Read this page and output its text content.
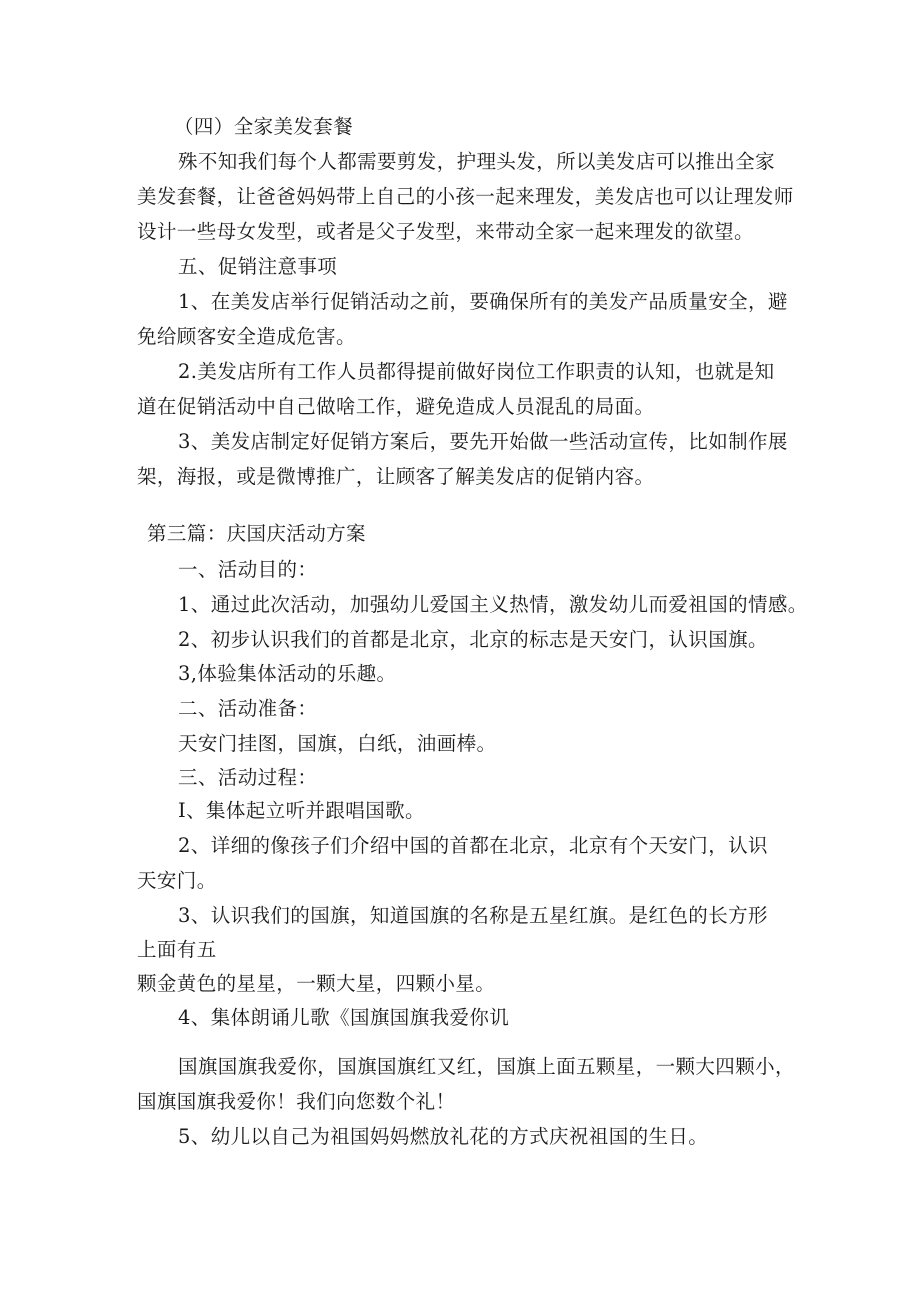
（四）全家美发套餐
殊不知我们每个人都需要剪发，护理头发，所以美发店可以推出全家
美发套餐，让爸爸妈妈带上自己的小孩一起来理发，美发店也可以让理发师
设计一些母女发型，或者是父子发型，来带动全家一起来理发的欲望。
五、促销注意事项
1、在美发店举行促销活动之前，要确保所有的美发产品质量安全，避
免给顾客安全造成危害。
2.美发店所有工作人员都得提前做好岗位工作职责的认知，也就是知
道在促销活动中自己做啥工作，避免造成人员混乱的局面。
3、美发店制定好促销方案后，要先开始做一些活动宣传，比如制作展
架，海报，或是微博推广，让顾客了解美发店的促销内容。
第三篇：庆国庆活动方案
一、活动目的：
1、通过此次活动，加强幼儿爱国主义热情，激发幼儿而爱祖国的情感。
2、初步认识我们的首都是北京，北京的标志是天安门，认识国旗。
3,体验集体活动的乐趣。
二、活动准备：
天安门挂图，国旗，白纸，油画棒。
三、活动过程：
I、集体起立听并跟唱国歌。
2、详细的像孩子们介绍中国的首都在北京，北京有个天安门，认识
天安门。
3、认识我们的国旗，知道国旗的名称是五星红旗。是红色的长方形
上面有五
颗金黄色的星星，一颗大星，四颗小星。
4、集体朗诵儿歌《国旗国旗我爱你讥
国旗国旗我爱你，国旗国旗红又红，国旗上面五颗星，一颗大四颗小，
国旗国旗我爱你！我们向您数个礼！
5、幼儿以自己为祖国妈妈燃放礼花的方式庆祝祖国的生日。
